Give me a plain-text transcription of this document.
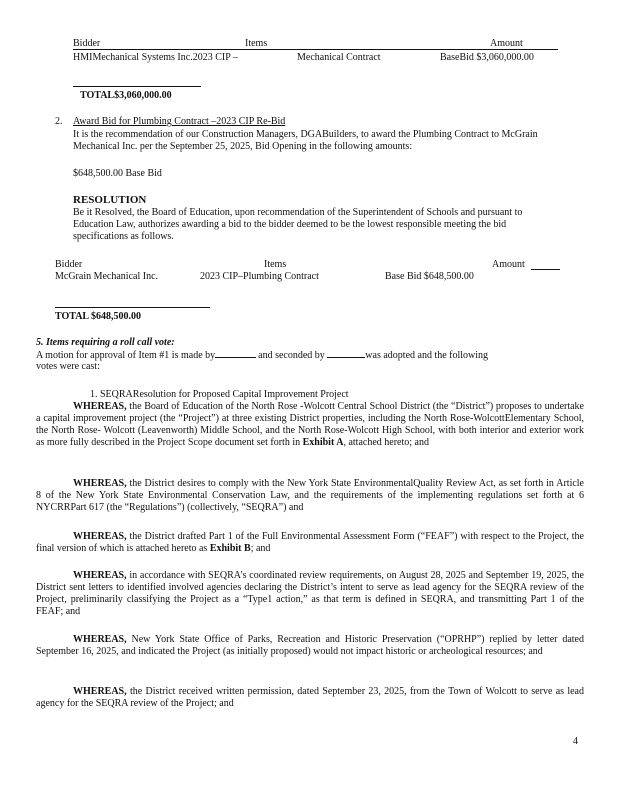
Bidder	Items	Amount
HMIMechanical Systems Inc.2023 CIP –	Mechanical Contract	BaseBid $3,060,000.00
TOTAL$3,060,000.00
2. Award Bid for Plumbing Contract –2023 CIP Re-Bid
It is the recommendation of our Construction Managers, DGABuilders, to award the Plumbing Contract to McGrain Mechanical Inc. per the September 25, 2025, Bid Opening in the following amounts:
$648,500.00 Base Bid
RESOLUTION
Be it Resolved, the Board of Education, upon recommendation of the Superintendent of Schools and pursuant to Education Law, authorizes awarding a bid to the bidder deemed to be the lowest responsible meeting the bid specifications as follows.
Bidder	Items	Amount
McGrain Mechanical Inc.	2023 CIP–Plumbing Contract	Base Bid $648,500.00
TOTAL $648,500.00
5. Items requiring a roll call vote:
A motion for approval of Item #1 is made by	and seconded by	was adopted and the following
votes were cast:
1. SEQRAResolution for Proposed Capital Improvement Project
WHEREAS, the Board of Education of the North Rose -Wolcott Central School District (the “District”) proposes to undertake a capital improvement project (the “Project”) at three existing District properties, including the North Rose-WolcottElementary School, the North Rose- Wolcott (Leavenworth) Middle School, and the North Rose-Wolcott High School, with both interior and exterior work as more fully described in the Project Scope document set forth in Exhibit A, attached hereto; and
WHEREAS, the District desires to comply with the New York State EnvironmentalQuality Review Act, as set forth in Article 8 of the New York State Environmental Conservation Law, and the requirements of the implementing regulations set forth at 6 NYCRRPart 617 (the “Regulations”) (collectively, “SEQRA”) and
WHEREAS, the District drafted Part 1 of the Full Environmental Assessment Form (“FEAF”) with respect to the Project, the final version of which is attached hereto as Exhibit B; and
WHEREAS, in accordance with SEQRA’s coordinated review requirements, on August 28, 2025 and September 19, 2025, the District sent letters to identified involved agencies declaring the District’s intent to serve as lead agency for the SEQRA review of the Project, preliminarily classifying the Project as a “Type1 action,” as that term is defined in SEQRA, and transmitting Part 1 of the FEAF; and
WHEREAS, New York State Office of Parks, Recreation and Historic Preservation (“OPRHP”) replied by letter dated September 16, 2025, and indicated the Project (as initially proposed) would not impact historic or archeological resources; and
WHEREAS, the District received written permission, dated September 23, 2025, from the Town of Wolcott to serve as lead agency for the SEQRA review of the Project; and
4
